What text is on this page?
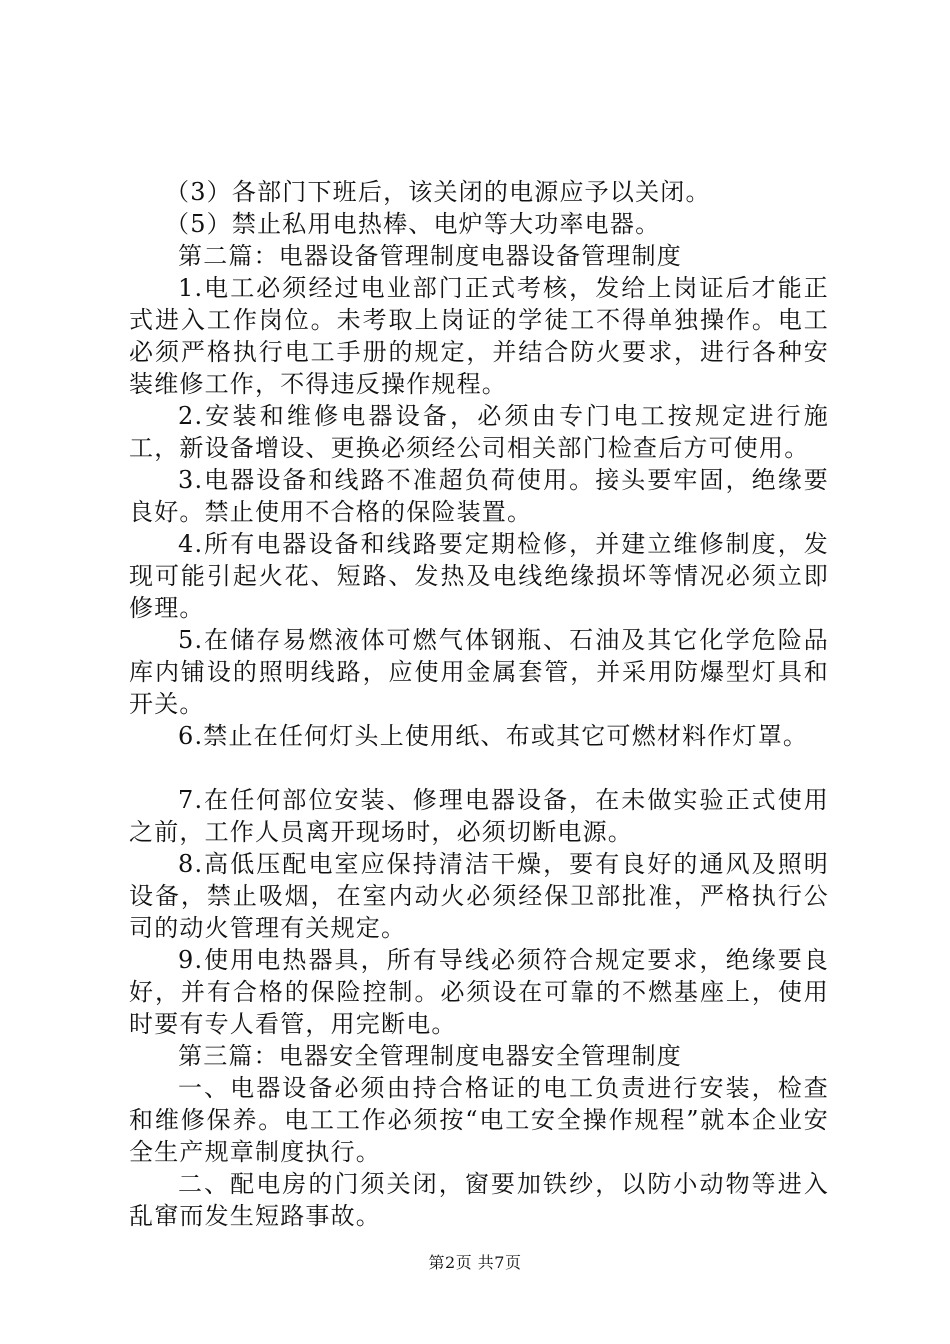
（3）各部门下班后，该关闭的电源应予以关闭。

（5）禁止私用电热棒、电炉等大功率电器。

第二篇：电器设备管理制度电器设备管理制度

1.电工必须经过电业部门正式考核，发给上岗证后才能正式进入工作岗位。未考取上岗证的学徒工不得单独操作。电工必须严格执行电工手册的规定，并结合防火要求，进行各种安装维修工作，不得违反操作规程。

2.安装和维修电器设备，必须由专门电工按规定进行施工，新设备增设、更换必须经公司相关部门检查后方可使用。

3.电器设备和线路不准超负荷使用。接头要牢固，绝缘要良好。禁止使用不合格的保险装置。

4.所有电器设备和线路要定期检修，并建立维修制度，发现可能引起火花、短路、发热及电线绝缘损坏等情况必须立即修理。

5.在储存易燃液体可燃气体钢瓶、石油及其它化学危险品库内铺设的照明线路，应使用金属套管，并采用防爆型灯具和开关。

6.禁止在任何灯头上使用纸、布或其它可燃材料作灯罩。

7.在任何部位安装、修理电器设备，在未做实验正式使用之前，工作人员离开现场时，必须切断电源。

8.高低压配电室应保持清洁干燥，要有良好的通风及照明设备，禁止吸烟，在室内动火必须经保卫部批准，严格执行公司的动火管理有关规定。

9.使用电热器具，所有导线必须符合规定要求，绝缘要良好，并有合格的保险控制。必须设在可靠的不燃基座上，使用时要有专人看管，用完断电。

第三篇：电器安全管理制度电器安全管理制度

一、电器设备必须由持合格证的电工负责进行安装，检查和维修保养。电工工作必须按“电工安全操作规程”就本企业安全生产规章制度执行。

二、配电房的门须关闭，窗要加铁纱，以防小动物等进入乱窜而发生短路事故。

第2页 共7页
